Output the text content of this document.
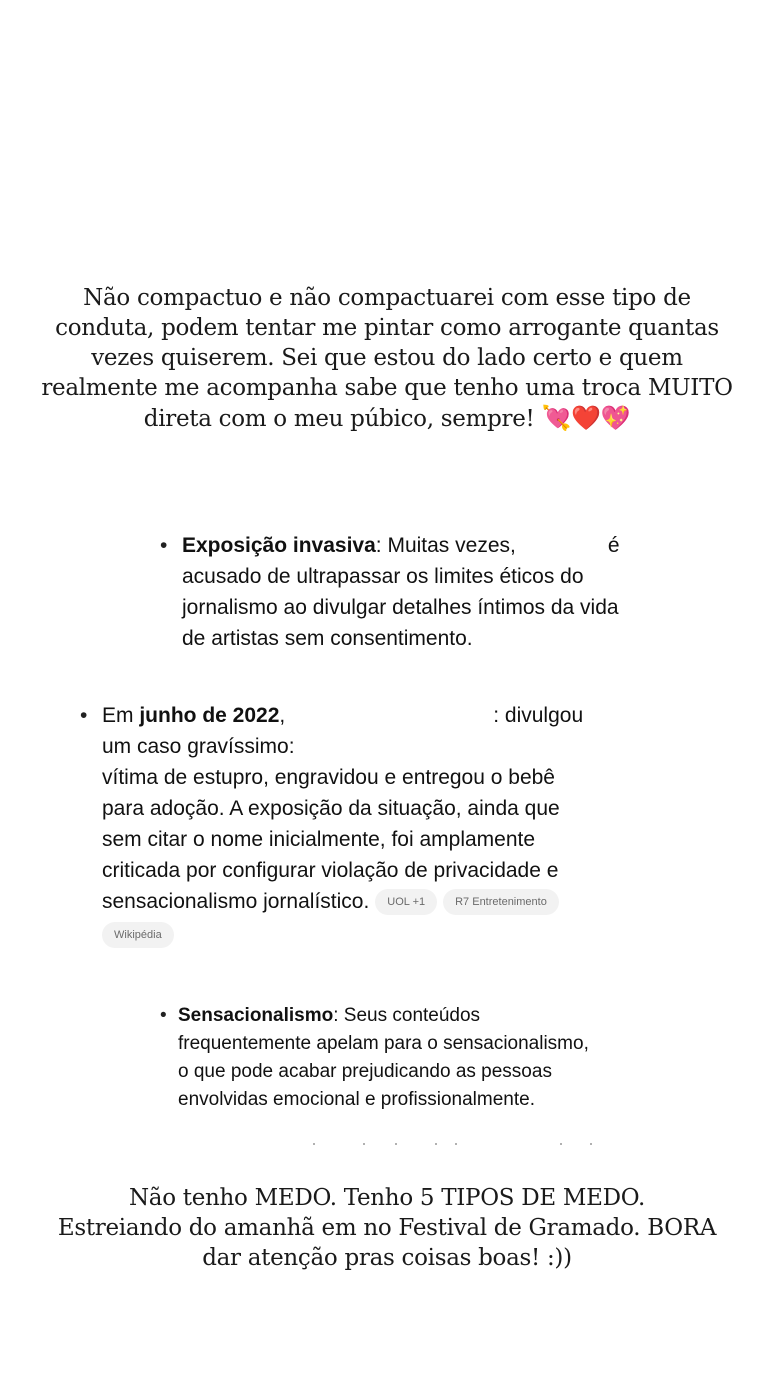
Não compactuo e não compactuarei com esse tipo de

conduta, podem tentar me pintar como arrogante quantas

vezes quiserem. Sei que estou do lado certo e quem

realmente me acompanha sabe que tenho uma troca MUITO

direta com o meu púbico, sempre! 💘❤️💖

• Exposição invasiva: Muitas vezes,	é
acusado de ultrapassar os limites éticos do
jornalismo ao divulgar detalhes íntimos da vida
de artistas sem consentimento.
• Em junho de 2022,	: divulgou
um caso gravíssimo:
vítima de estupro, engravidou e entregou o bebê
para adoção. A exposição da situação, ainda que
sem citar o nome inicialmente, foi amplamente
criticada por configurar violação de privacidade e
sensacionalismo jornalístico. UOL +1	R7 Entretenimento
Wikipédia
• Sensacionalismo: Seus conteúdos
frequentemente apelam para o sensacionalismo,
o que pode acabar prejudicando as pessoas
envolvidas emocional e profissionalmente.

Não tenho MEDO. Tenho 5 TIPOS DE MEDO.

Estreiando do amanhã em no Festival de Gramado. BORA

dar atenção pras coisas boas! :))
